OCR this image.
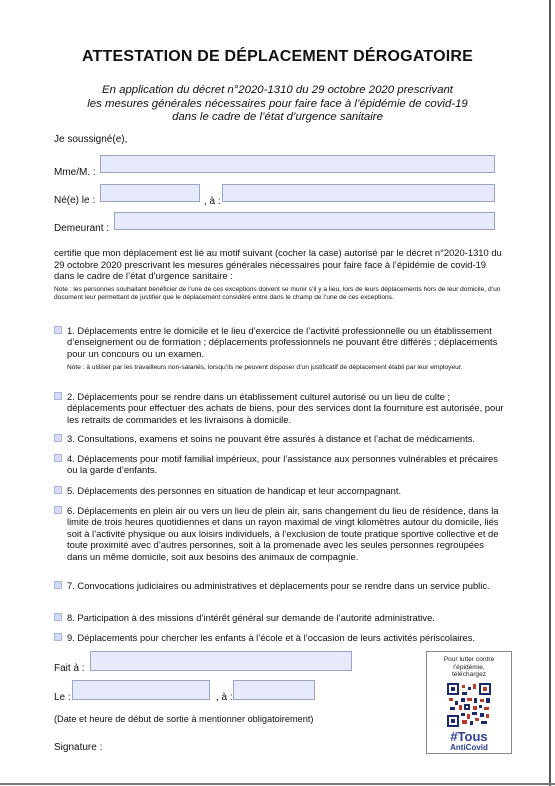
ATTESTATION DE DÉPLACEMENT DÉROGATOIRE
En application du décret n°2020-1310 du 29 octobre 2020 prescrivant
les mesures générales nécessaires pour faire face à l’épidémie de covid-19
dans le cadre de l’état d’urgence sanitaire
Je soussigné(e),
Mme/M. :
Né(e) le :	, à :
Demeurant :
certifie que mon déplacement est lié au motif suivant (cocher la case) autorisé par le décret n°2020-1310 du 29 octobre 2020 prescrivant les mesures générales nécessaires pour faire face à l’épidémie de covid-19 dans le cadre de l’état d’urgence sanitaire :
Note : les personnes souhaitant bénéficier de l’une de ces exceptions doivent se munir s’il y a lieu, lors de leurs déplacements hors de leur domicile, d’un document leur permettant de justifier que le déplacement considéré entre dans le champ de l’une de ces exceptions.
1. Déplacements entre le domicile et le lieu d’exercice de l’activité professionnelle ou un établissement d’enseignement ou de formation ; déplacements professionnels ne pouvant être différés ; déplacements pour un concours ou un examen.
Note : à utiliser par les travailleurs non-salariés, lorsqu’ils ne peuvent disposer d’un justificatif de déplacement établi par leur employeur.
2. Déplacements pour se rendre dans un établissement culturel autorisé ou un lieu de culte ; déplacements pour effectuer des achats de biens, pour des services dont la fourniture est autorisée, pour les retraits de commandes et les livraisons à domicile.
3. Consultations, examens et soins ne pouvant être assurés à distance et l’achat de médicaments.
4. Déplacements pour motif familial impérieux, pour l’assistance aux personnes vulnérables et précaires ou la garde d’enfants.
5. Déplacements des personnes en situation de handicap et leur accompagnant.
6. Déplacements en plein air ou vers un lieu de plein air, sans changement du lieu de résidence, dans la limite de trois heures quotidiennes et dans un rayon maximal de vingt kilomètres autour du domicile, liés soit à l’activité physique ou aux loisirs individuels, à l’exclusion de toute pratique sportive collective et de toute proximité avec d’autres personnes, soit à la promenade avec les seules personnes regroupées dans un même domicile, soit aux besoins des animaux de compagnie.
7. Convocations judiciaires ou administratives et déplacements pour se rendre dans un service public.
8. Participation à des missions d’intérêt général sur demande de l’autorité administrative.
9. Déplacements pour chercher les enfants à l’école et à l’occasion de leurs activités périscolaires.
Fait à :
Le :	, à :
(Date et heure de début de sortie à mentionner obligatoirement)
Signature :
Pour lutter contre
l’épidémie,
téléchargez
#Tous
AntiCovid
